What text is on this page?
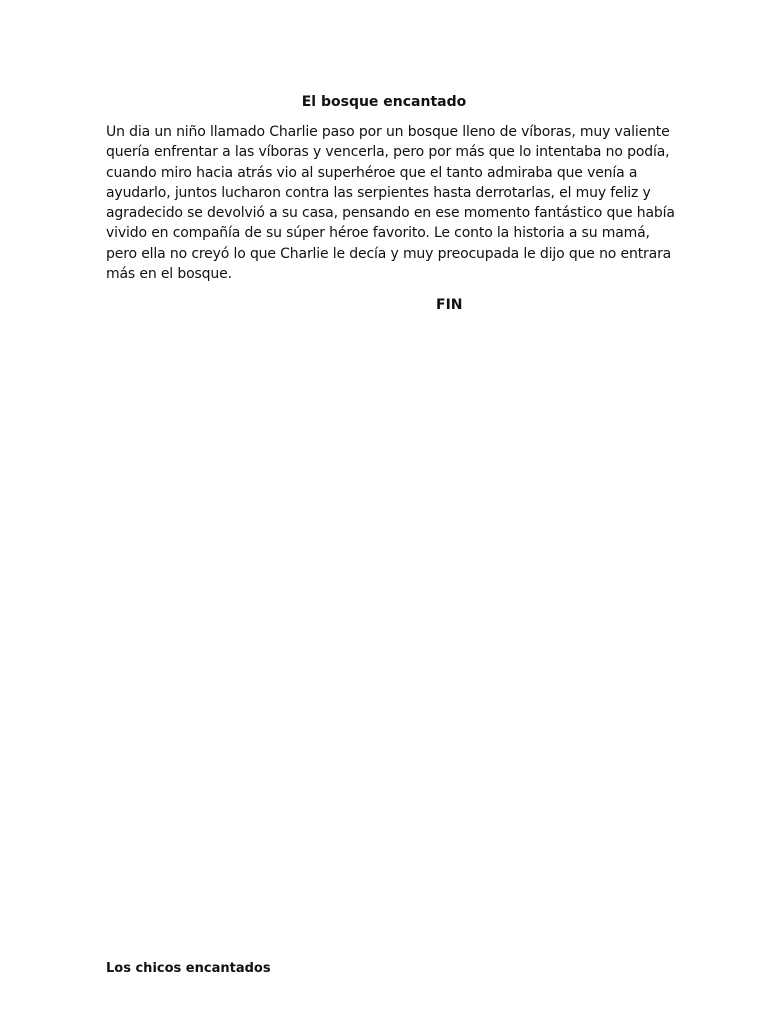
El bosque encantado

Un dia un niño llamado Charlie paso por un bosque lleno de víboras, muy valiente
quería enfrentar a las víboras y vencerla, pero por más que lo intentaba no podía,
cuando miro hacia atrás vio al superhéroe que el tanto admiraba que venía a
ayudarlo, juntos lucharon contra las serpientes hasta derrotarlas, el muy feliz y
agradecido se devolvió a su casa, pensando en ese momento fantástico que había
vivido en compañía de su súper héroe favorito. Le conto la historia a su mamá,
pero ella no creyó lo que Charlie le decía y muy preocupada le dijo que no entrara
más en el bosque.

FIN
Los chicos encantados
